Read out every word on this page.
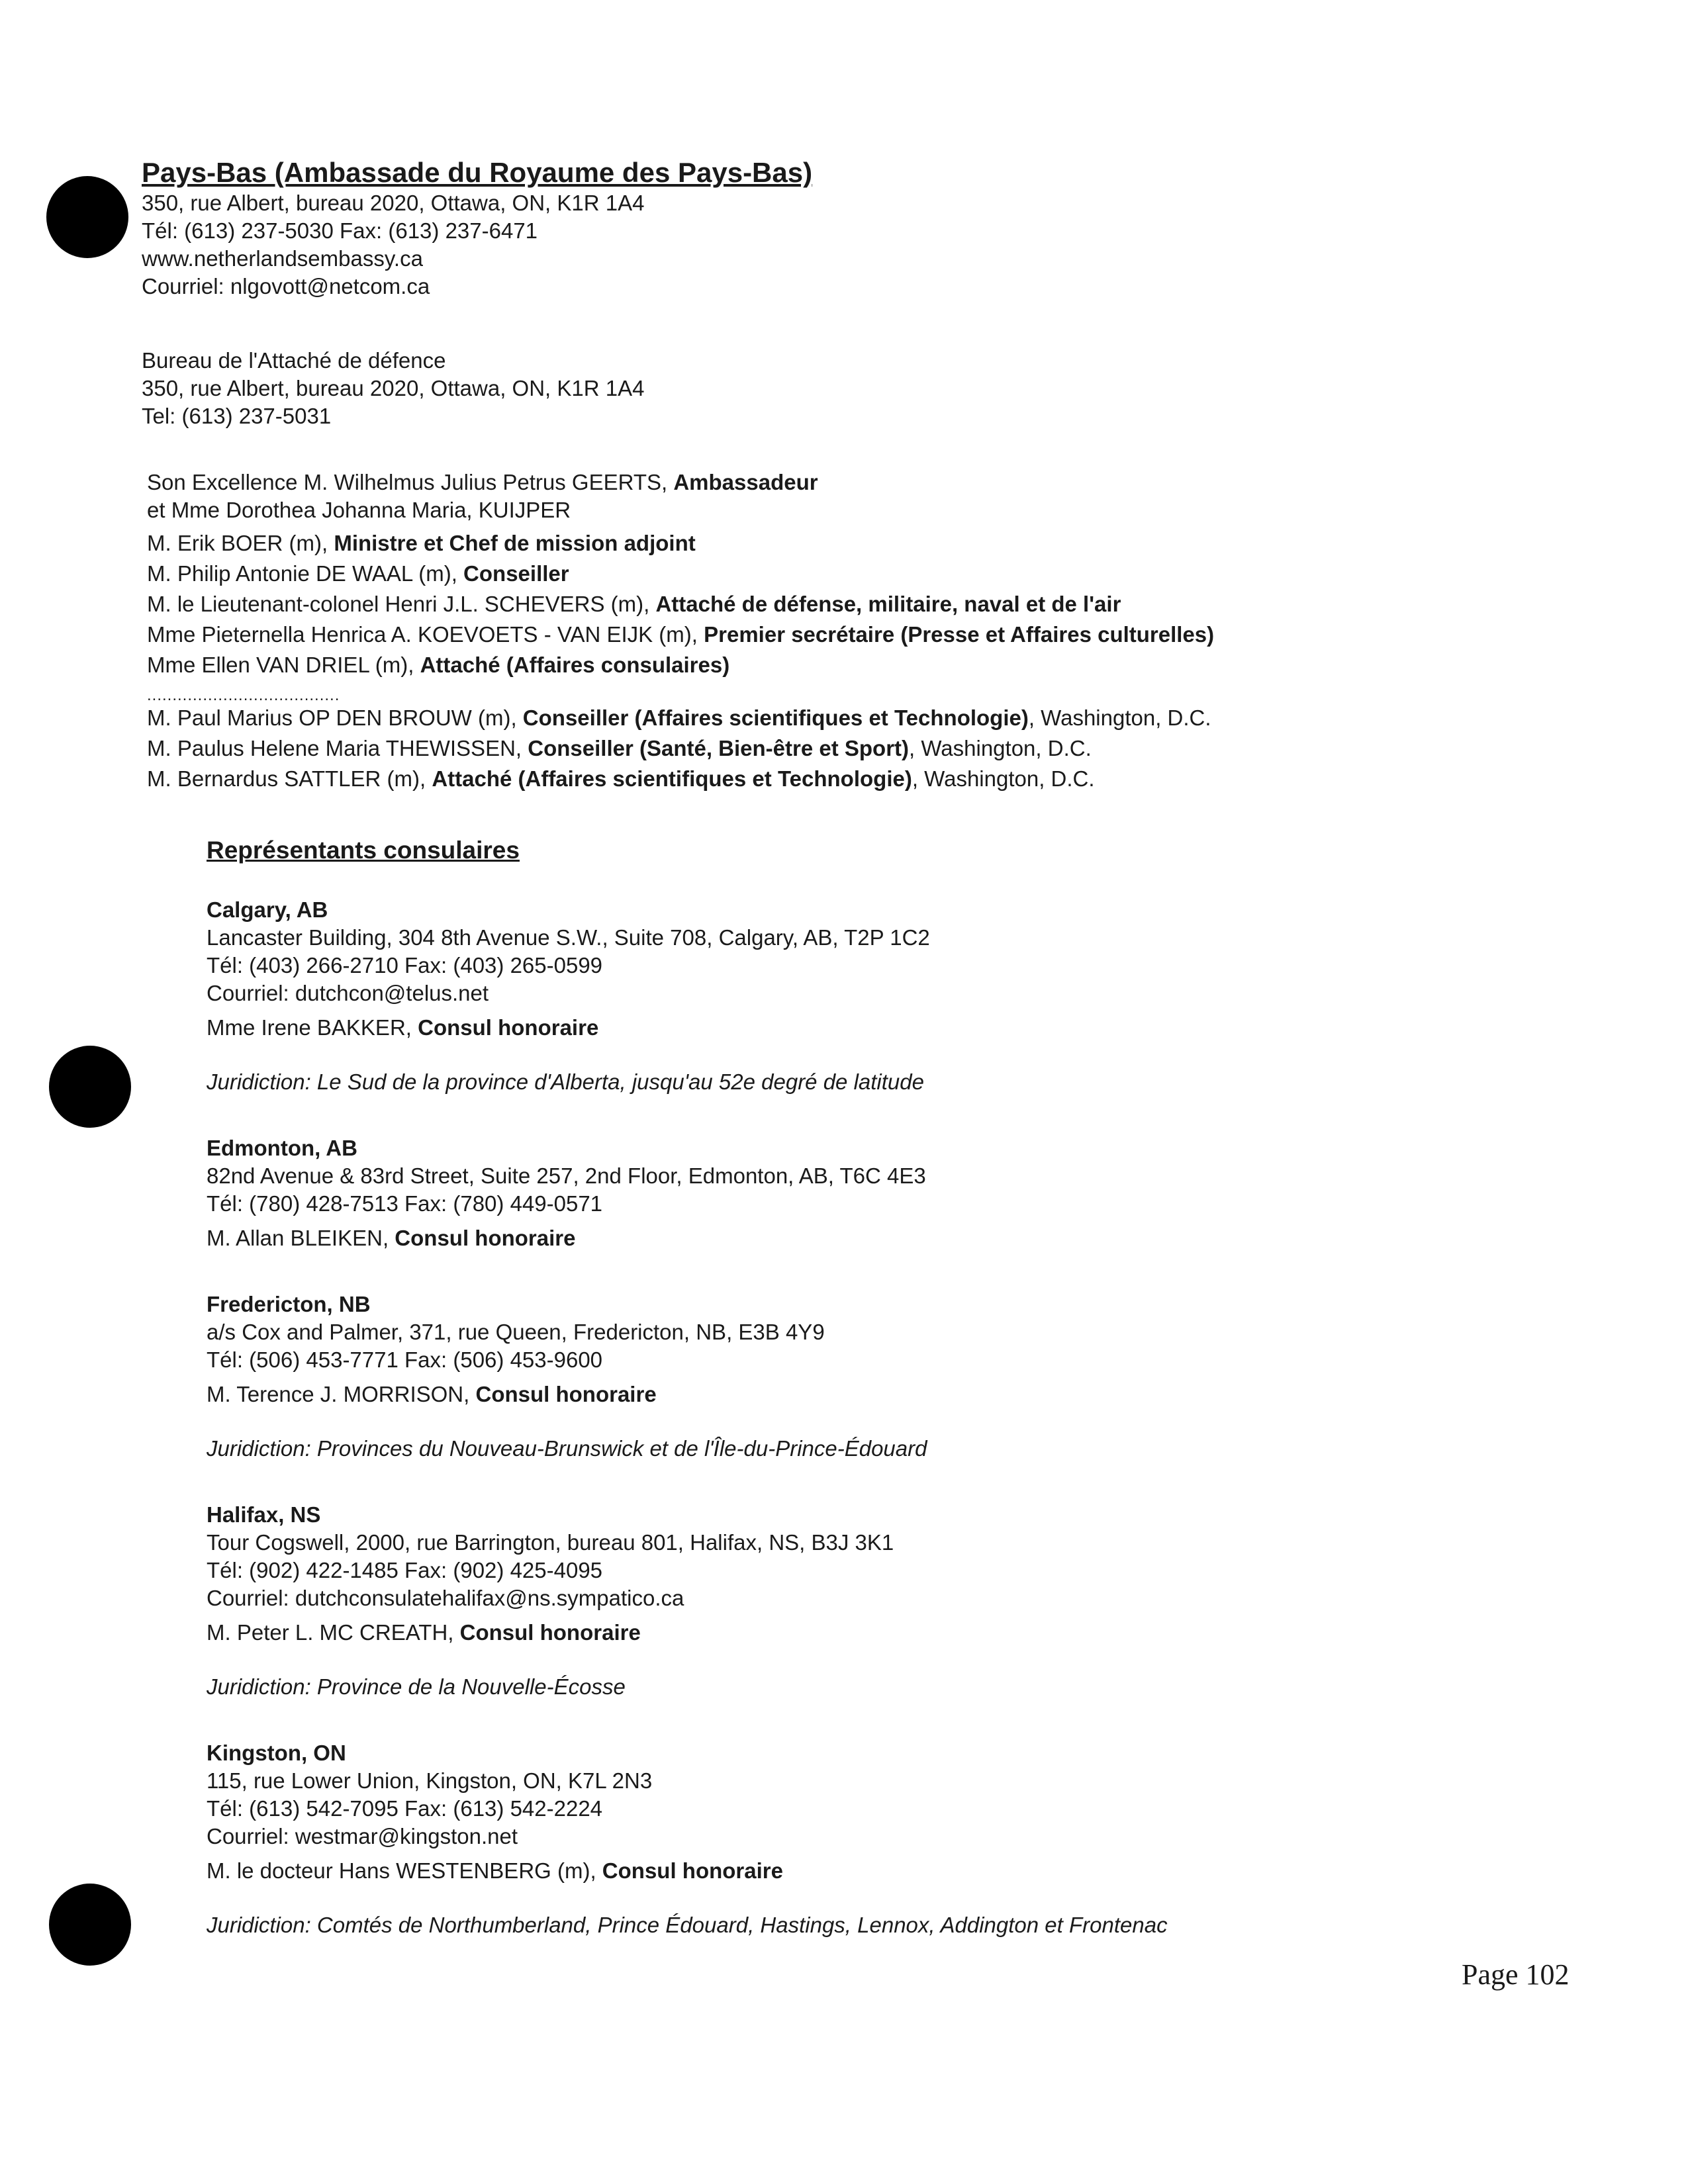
Pays-Bas (Ambassade du Royaume des Pays-Bas)
350, rue Albert, bureau 2020, Ottawa, ON, K1R 1A4
Tél: (613) 237-5030 Fax: (613) 237-6471
www.netherlandsembassy.ca
Courriel: nlgovott@netcom.ca
Bureau de l'Attaché de défence
350, rue Albert, bureau 2020, Ottawa, ON, K1R 1A4
Tel: (613) 237-5031
Son Excellence M. Wilhelmus Julius Petrus GEERTS, Ambassadeur
et Mme Dorothea Johanna Maria, KUIJPER
M. Erik BOER (m), Ministre et Chef de mission adjoint
M. Philip Antonie DE WAAL (m), Conseiller
M. le Lieutenant-colonel Henri J.L. SCHEVERS (m), Attaché de défense, militaire, naval et de l'air
Mme Pieternella Henrica A. KOEVOETS - VAN EIJK (m), Premier secrétaire (Presse et Affaires culturelles)
Mme Ellen VAN DRIEL (m), Attaché (Affaires consulaires)
......................................
M. Paul Marius OP DEN BROUW (m), Conseiller (Affaires scientifiques et Technologie), Washington, D.C.
M. Paulus Helene Maria THEWISSEN, Conseiller (Santé, Bien-être et Sport), Washington, D.C.
M. Bernardus SATTLER (m), Attaché (Affaires scientifiques et Technologie), Washington, D.C.
Représentants consulaires
Calgary, AB
Lancaster Building, 304 8th Avenue S.W., Suite 708, Calgary, AB, T2P 1C2
Tél: (403) 266-2710 Fax: (403) 265-0599
Courriel: dutchcon@telus.net
Mme Irene BAKKER, Consul honoraire
Juridiction: Le Sud de la province d'Alberta, jusqu'au 52e degré de latitude
Edmonton, AB
82nd Avenue & 83rd Street, Suite 257, 2nd Floor, Edmonton, AB, T6C 4E3
Tél: (780) 428-7513 Fax: (780) 449-0571
M. Allan BLEIKEN, Consul honoraire
Fredericton, NB
a/s Cox and Palmer, 371, rue Queen, Fredericton, NB, E3B 4Y9
Tél: (506) 453-7771 Fax: (506) 453-9600
M. Terence J. MORRISON, Consul honoraire
Juridiction: Provinces du Nouveau-Brunswick et de l'Île-du-Prince-Édouard
Halifax, NS
Tour Cogswell, 2000, rue Barrington, bureau 801, Halifax, NS, B3J 3K1
Tél: (902) 422-1485 Fax: (902) 425-4095
Courriel: dutchconsulatehalifax@ns.sympatico.ca
M. Peter L. MC CREATH, Consul honoraire
Juridiction: Province de la Nouvelle-Écosse
Kingston, ON
115, rue Lower Union, Kingston, ON, K7L 2N3
Tél: (613) 542-7095 Fax: (613) 542-2224
Courriel: westmar@kingston.net
M. le docteur Hans WESTENBERG (m), Consul honoraire
Juridiction: Comtés de Northumberland, Prince Édouard, Hastings, Lennox, Addington et Frontenac
Page 102
